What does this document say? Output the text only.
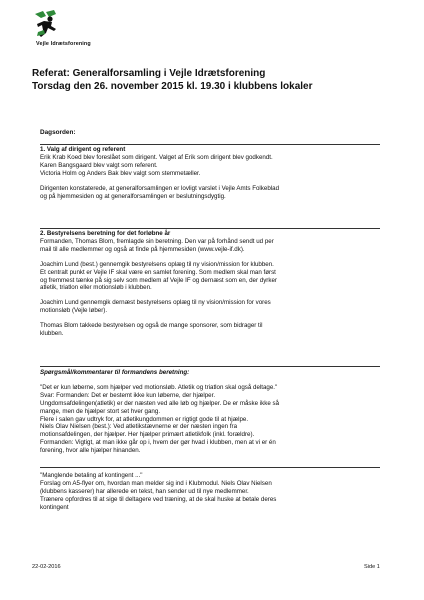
Vejle Idrætsforening
Referat: Generalforsamling i Vejle Idrætsforening
Torsdag den 26. november 2015 kl. 19.30 i klubbens lokaler
Dagsorden:

1. Valg af dirigent og referent

Erik Krab Koed blev foreslået som dirigent. Valget af Erik som dirigent blev godkendt.

Karen Bangsgaard blev valgt som referent.

Victoria Holm og Anders Bak blev valgt som stemmetæller.

Dirigenten konstaterede, at generalforsamlingen er lovligt varslet i Vejle Amts Folkeblad

og på hjemmesiden og at generalforsamlingen er beslutningsdygtig.

2. Bestyrelsens beretning for det forløbne år

Formanden, Thomas Blom, fremlagde sin beretning. Den var på forhånd sendt ud per

mail til alle medlemmer og også at finde på hjemmesiden (www.vejle-if.dk).

Joachim Lund (best.) gennemgik bestyrelsens oplæg til ny vision/mission for klubben.

Et centralt punkt er Vejle IF skal være en samlet forening. Som medlem skal man først

og fremmest tænke på sig selv som medlem af Vejle IF og dernæst som en, der dyrker

atletik, triatlon eller motionsløb i klubben.

Joachim Lund gennemgik dernæst bestyrelsens oplæg til ny vision/mission for vores

motionsløb (Vejle løber).

Thomas Blom takkede bestyrelsen og også de mange sponsorer, som bidrager til

klubben.

Spørgsmål/kommentarer til formandens beretning:

"Det er kun løberne, som hjælper ved motionsløb. Atletik og triatlon skal også deltage."

Svar: Formanden: Det er bestemt ikke kun løberne, der hjælper.

Ungdomsafdelingen(atletik) er der næsten ved alle løb og hjælper. De er måske ikke så

mange, men de hjælper stort set hver gang.

Flere i salen gav udtryk for, at atletikungdommen er rigtigt gode til at hjælpe.

Niels Olav Nielsen (best.): Ved atletikstævnerne er der næsten ingen fra

motionsafdelingen, der hjælper. Her hjælper primært atletikfolk (inkl. forældre).

Formanden: Vigtigt, at man ikke går op i, hvem der gør hvad i klubben, men at vi er én

forening, hvor alle hjælper hinanden.

"Manglende betaling af kontingent ..."

Forslag om A5-flyer om, hvordan man melder sig ind i Klubmodul. Niels Olav Nielsen

(klubbens kasserer) har allerede en tekst, han sender ud til nye medlemmer.

Trænere opfordres til at sige til deltagere ved træning, at de skal huske at betale deres

kontingent

22-02-2016	Side 1
